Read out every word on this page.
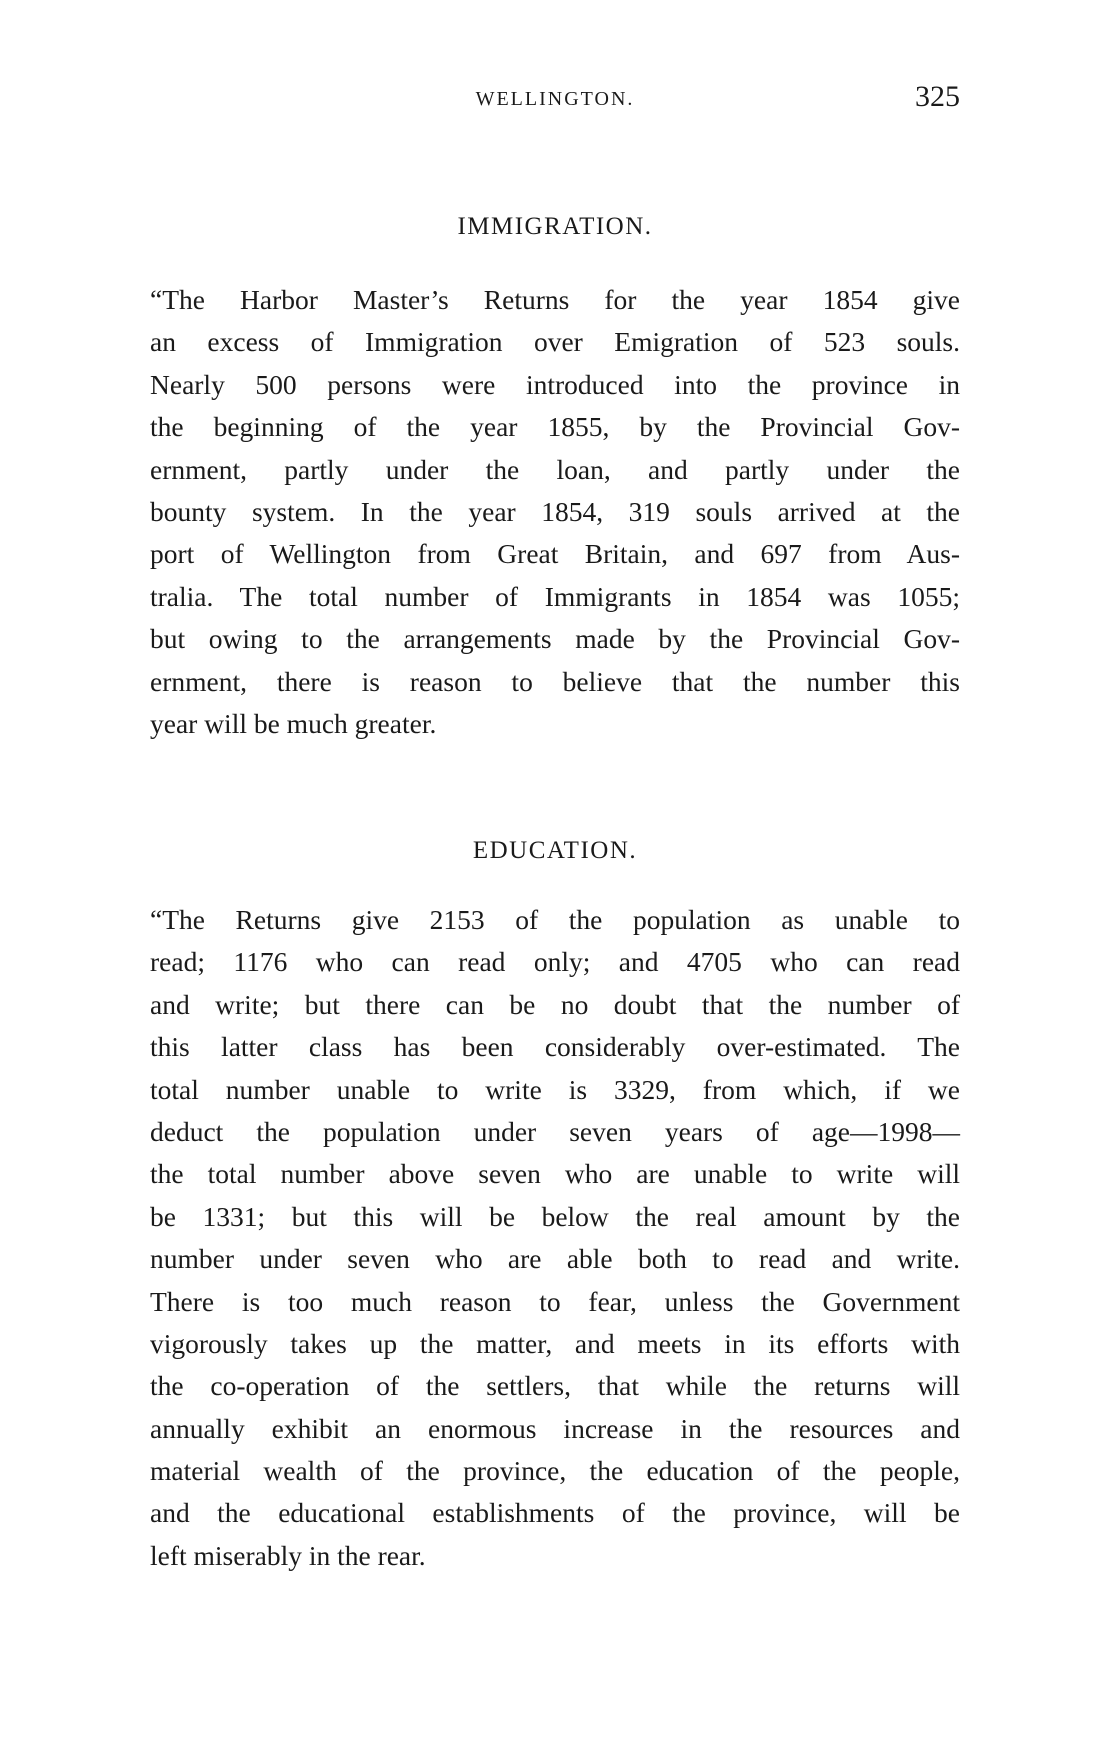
WELLINGTON.	325
IMMIGRATION.
“The Harbor Master’s Returns for the year 1854 give
an excess of Immigration over Emigration of 523 souls.
Nearly 500 persons were introduced into the province in
the beginning of the year 1855, by the Provincial Gov-
ernment, partly under the loan, and partly under the
bounty system. In the year 1854, 319 souls arrived at the
port of Wellington from Great Britain, and 697 from Aus-
tralia. The total number of Immigrants in 1854 was 1055;
but owing to the arrangements made by the Provincial Gov-
ernment, there is reason to believe that the number this
year will be much greater.
EDUCATION.
“The Returns give 2153 of the population as unable to
read; 1176 who can read only; and 4705 who can read
and write; but there can be no doubt that the number of
this latter class has been considerably over-estimated. The
total number unable to write is 3329, from which, if we
deduct the population under seven years of age—1998—
the total number above seven who are unable to write will
be 1331; but this will be below the real amount by the
number under seven who are able both to read and write.
There is too much reason to fear, unless the Government
vigorously takes up the matter, and meets in its efforts with
the co-operation of the settlers, that while the returns will
annually exhibit an enormous increase in the resources and
material wealth of the province, the education of the people,
and the educational establishments of the province, will be
left miserably in the rear.
